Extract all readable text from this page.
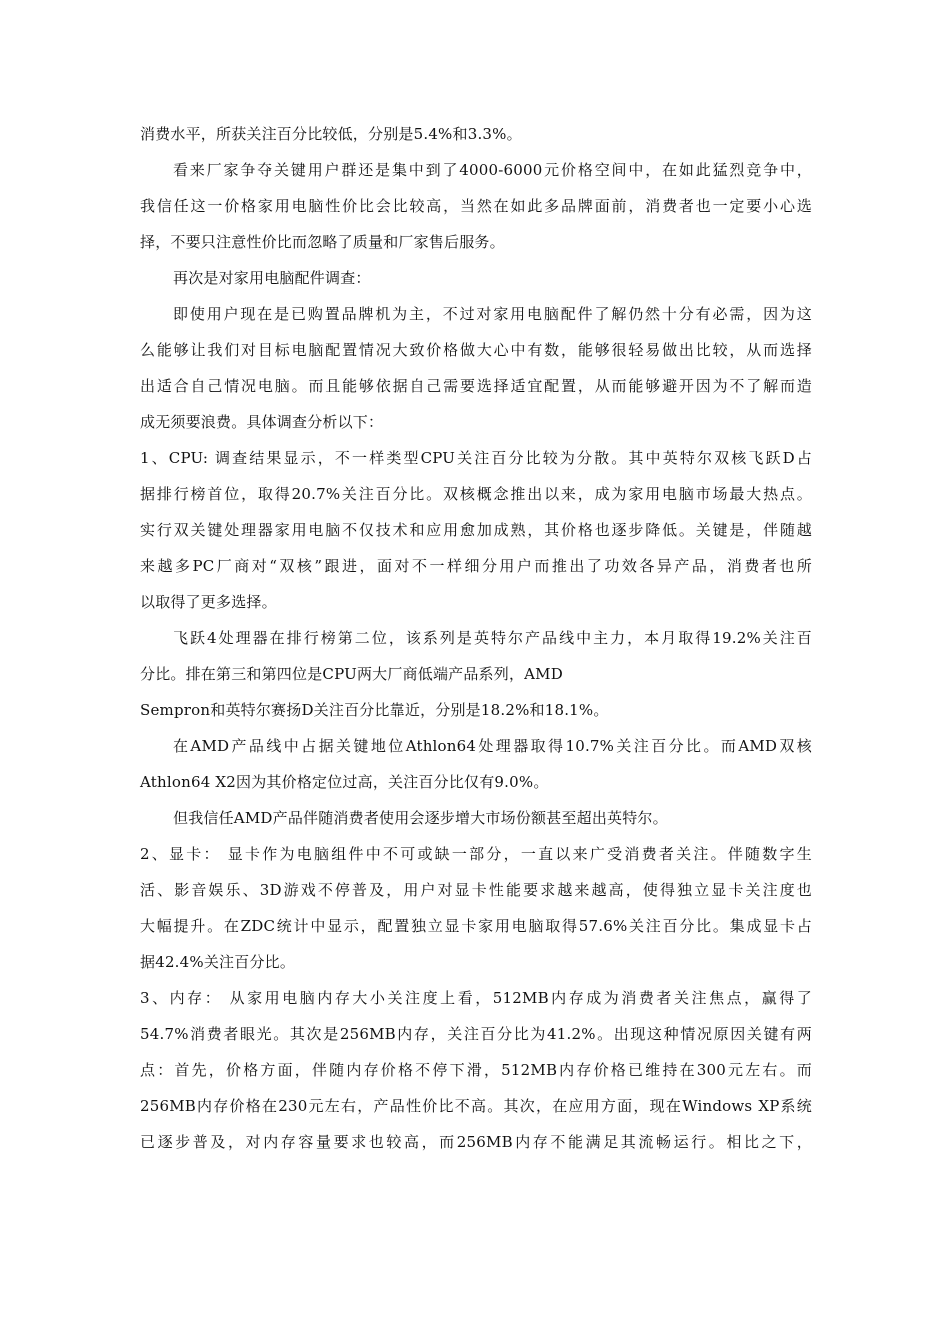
消费水平，所获关注百分比较低，分别是5.4%和3.3%。
看来厂家争夺关键用户群还是集中到了4000-6000元价格空间中，在如此猛烈竞争中，
我信任这一价格家用电脑性价比会比较高，当然在如此多品牌面前，消费者也一定要小心选
择，不要只注意性价比而忽略了质量和厂家售后服务。
再次是对家用电脑配件调查：
即使用户现在是已购置品牌机为主，不过对家用电脑配件了解仍然十分有必需，因为这
么能够让我们对目标电脑配置情况大致价格做大心中有数，能够很轻易做出比较，从而选择
出适合自己情况电脑。而且能够依据自己需要选择适宜配置，从而能够避开因为不了解而造
成无须要浪费。具体调查分析以下：
1、CPU: 调查结果显示，不一样类型CPU关注百分比较为分散。其中英特尔双核飞跃D占
据排行榜首位，取得20.7%关注百分比。双核概念推出以来，成为家用电脑市场最大热点。
实行双关键处理器家用电脑不仅技术和应用愈加成熟，其价格也逐步降低。关键是，伴随越
来越多PC厂商对“双核”跟进，面对不一样细分用户而推出了功效各异产品，消费者也所
以取得了更多选择。
飞跃4处理器在排行榜第二位，该系列是英特尔产品线中主力，本月取得19.2%关注百
分比。排在第三和第四位是CPU两大厂商低端产品系列，AMD
Sempron和英特尔赛扬D关注百分比靠近，分别是18.2%和18.1%。
在AMD产品线中占据关键地位Athlon64处理器取得10.7%关注百分比。而AMD双核
Athlon64 X2因为其价格定位过高，关注百分比仅有9.0%。
但我信任AMD产品伴随消费者使用会逐步增大市场份额甚至超出英特尔。
2、显卡： 显卡作为电脑组件中不可或缺一部分，一直以来广受消费者关注。伴随数字生
活、影音娱乐、3D游戏不停普及，用户对显卡性能要求越来越高，使得独立显卡关注度也
大幅提升。在ZDC统计中显示，配置独立显卡家用电脑取得57.6%关注百分比。集成显卡占
据42.4%关注百分比。
3、内存： 从家用电脑内存大小关注度上看，512MB内存成为消费者关注焦点，赢得了
54.7%消费者眼光。其次是256MB内存，关注百分比为41.2%。出现这种情况原因关键有两
点：首先，价格方面，伴随内存价格不停下滑，512MB内存价格已维持在300元左右。而
256MB内存价格在230元左右，产品性价比不高。其次，在应用方面，现在Windows XP系统
已逐步普及，对内存容量要求也较高，而256MB内存不能满足其流畅运行。相比之下，
